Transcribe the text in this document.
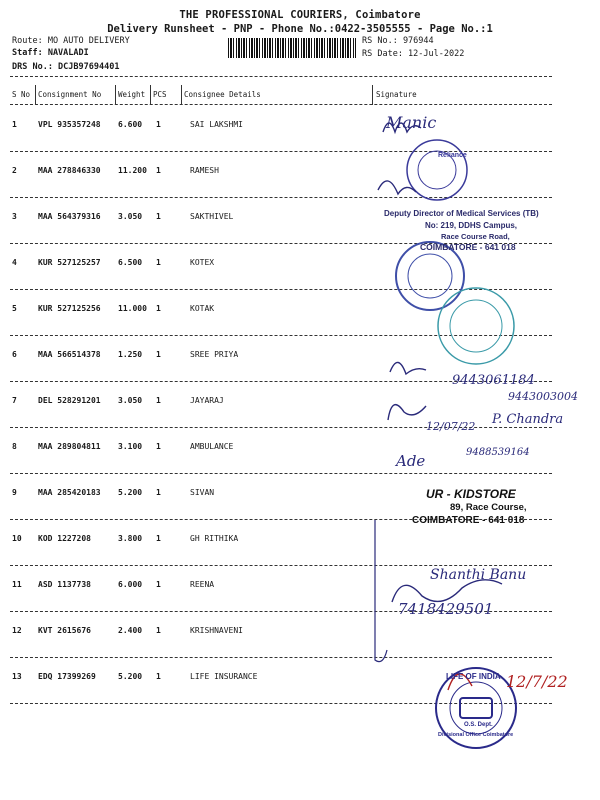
THE PROFESSIONAL COURIERS, Coimbatore
Delivery Runsheet - PNP - Phone No.:0422-3505555 - Page No.:1
Route: MO AUTO DELIVERY
Staff: NAVALADI
DRS No.: DCJB97694401
RS No.: 976944
RS Date: 12-Jul-2022
S No Consignment No Weight PCS Consignee Details	Signature
1	VPL 935357248 6.600 1	SAI LAKSHMI
2	MAA 278846330 11.200 1	RAMESH
3	MAA 564379316 3.050 1	SAKTHIVEL
4	KUR 527125257 6.500 1	KOTEX
5	KUR 527125256 11.000 1	KOTAK
6	MAA 566514378 1.250 1	SREE PRIYA
7	DEL 528291201 3.050 1	JAYARAJ
8	MAA 289804811 3.100 1	AMBULANCE
9	MAA 285420183 5.200 1	SIVAN
10 KOD 1227208	3.800 1	GH RITHIKA
11 ASD 1137738	6.000 1	REENA
12 KVT 2615676	2.400 1	KRISHNAVENI
13 EDQ 17399269	5.200 1	LIFE INSURANCE
Manic
Reliance
Deputy Director of Medical Services (TB)
No: 219, DDHS Campus,
Race Course Road,
COIMBATORE - 641 018
9443061184
9443003004
12/07/22 P. Chandra
Ade	9488539164
UR - KIDSTORE
89, Race Course,
COIMBATORE - 641 018
Shanthi Banu
7418429501
LIFE OF INDIA
O.S. Dept.
Divisional Office Coimbatore
12/7/22
